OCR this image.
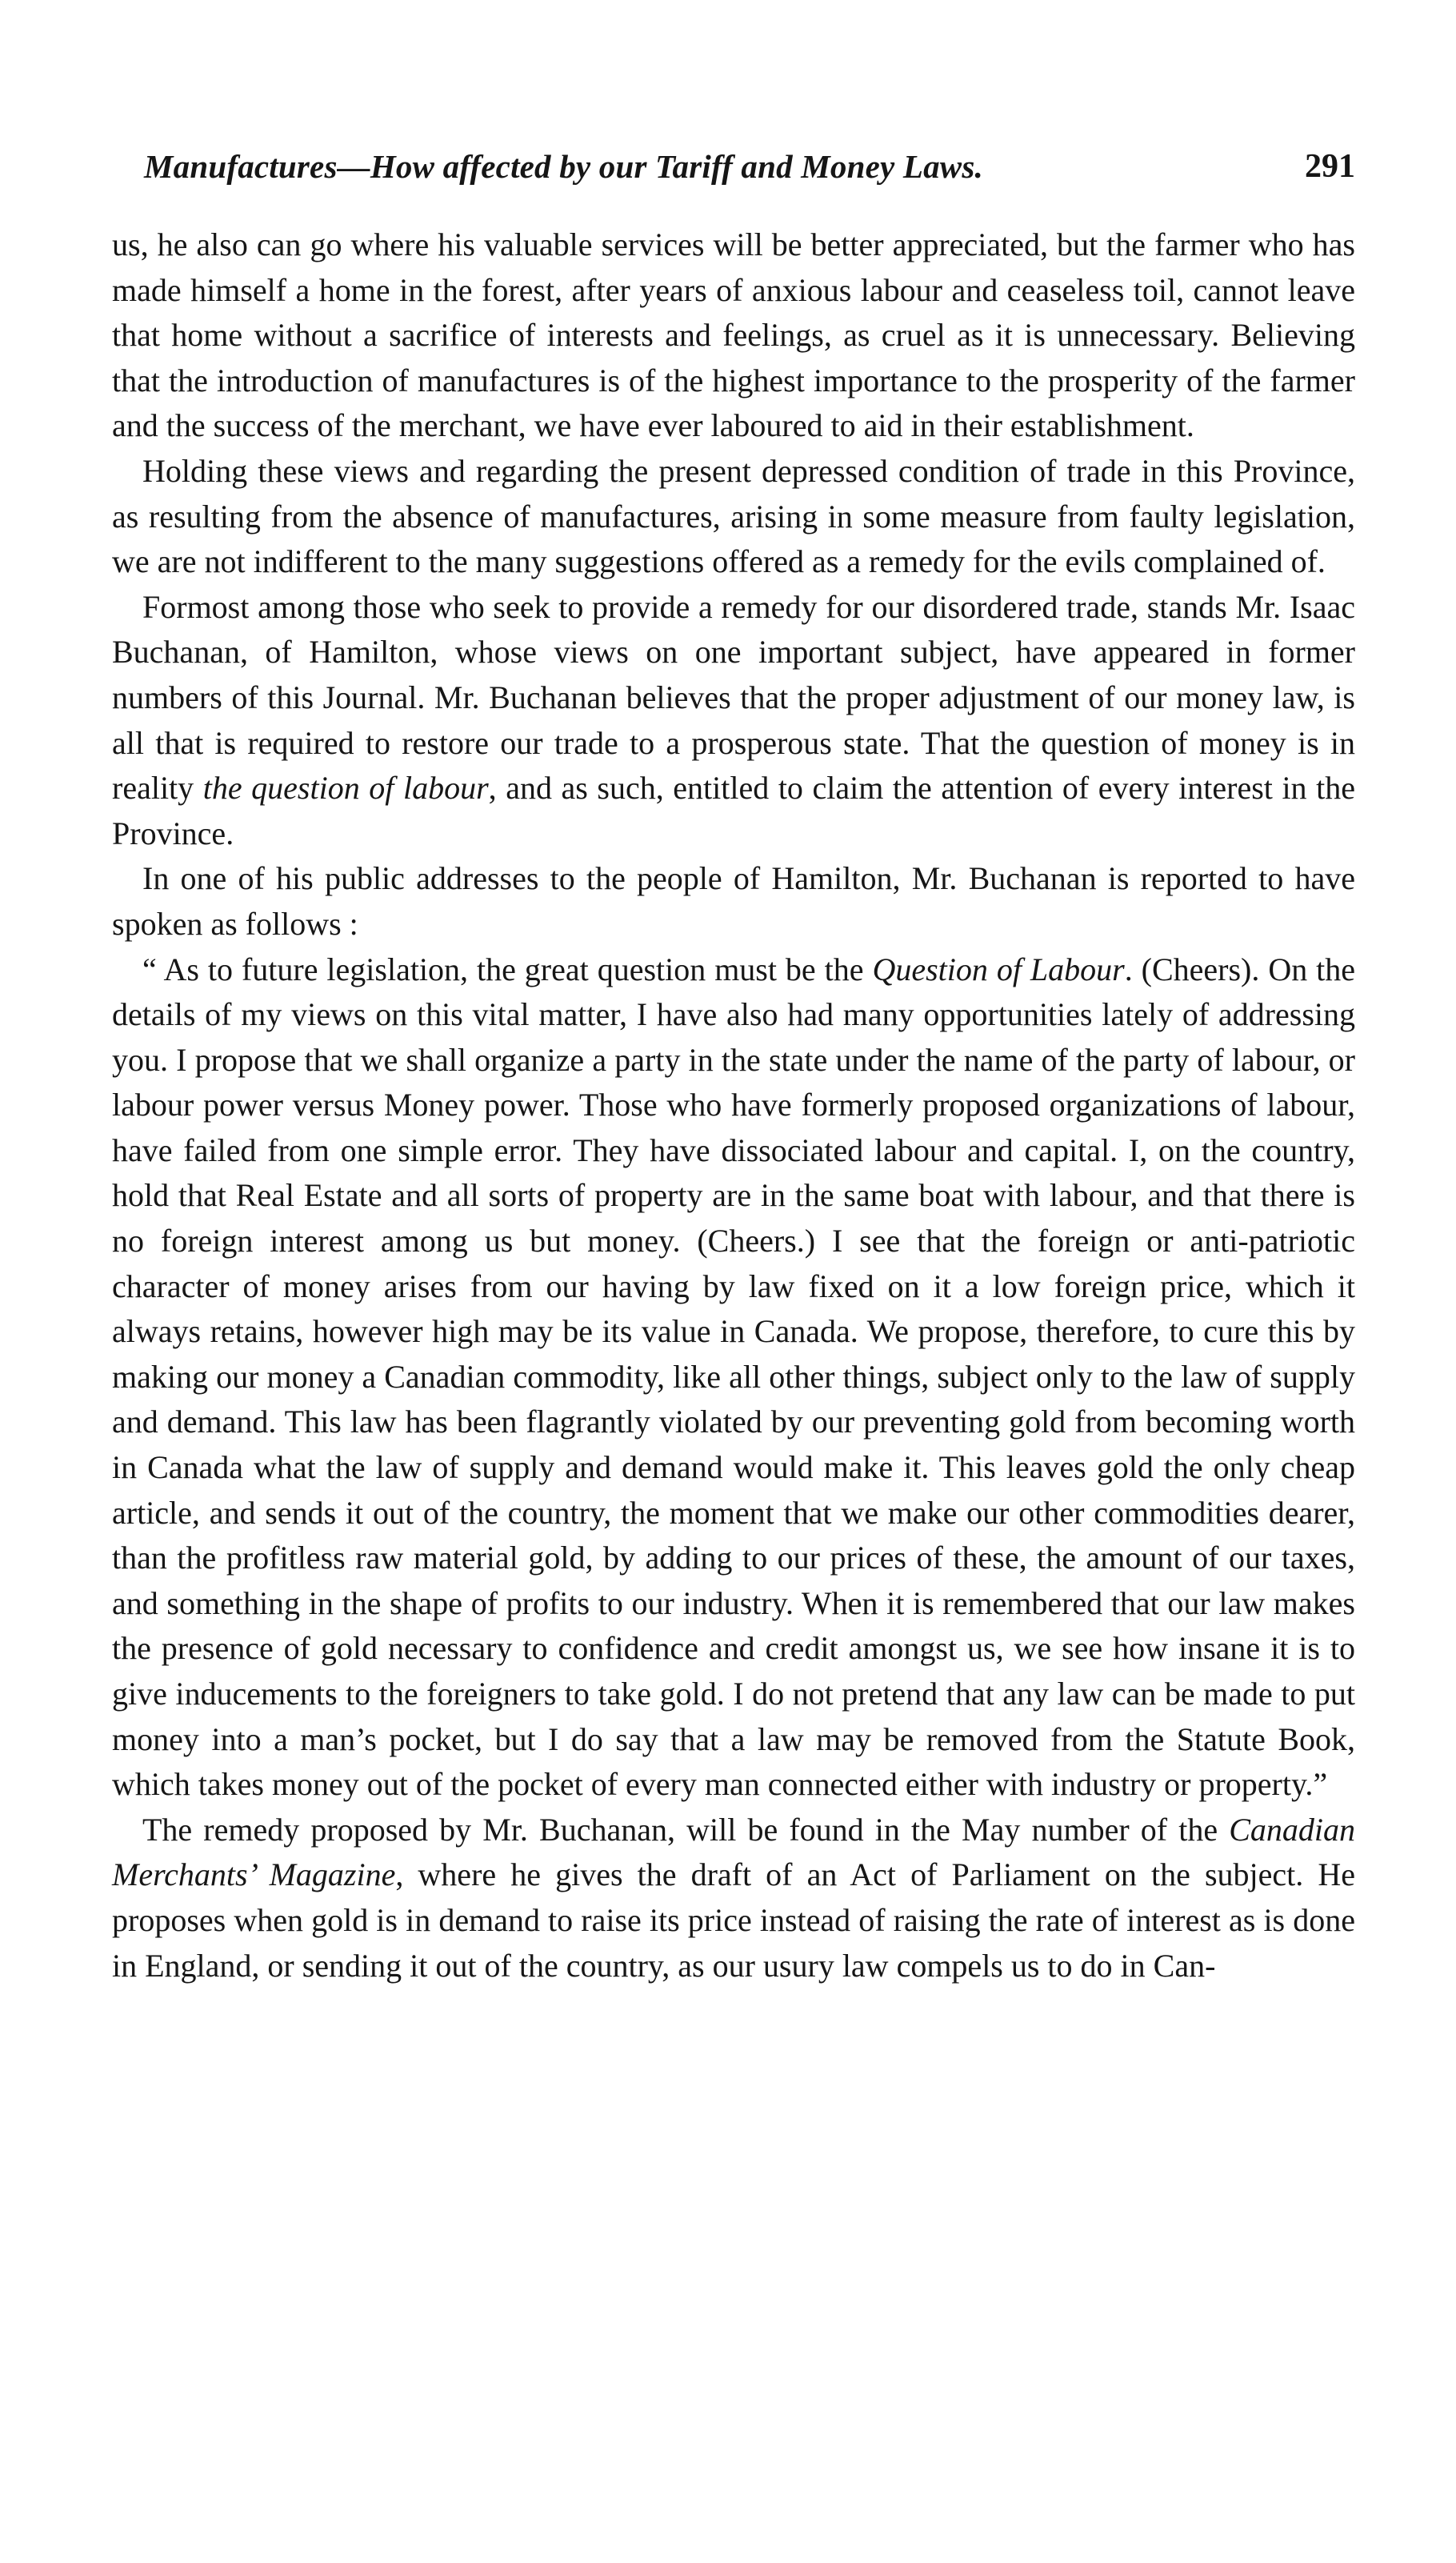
Manufactures—How affected by our Tariff and Money Laws.	291

us, he also can go where his valuable services will be better appreciated, but the farmer who has made himself a home in the forest, after years of anxious labour and ceaseless toil, cannot leave that home without a sacrifice of interests and feelings, as cruel as it is unnecessary. Believing that the introduction of manufactures is of the highest importance to the prosperity of the farmer and the success of the merchant, we have ever laboured to aid in their establishment.

Holding these views and regarding the present depressed condition of trade in this Province, as resulting from the absence of manufactures, arising in some measure from faulty legislation, we are not indifferent to the many suggestions offered as a remedy for the evils complained of.

Formost among those who seek to provide a remedy for our disordered trade, stands Mr. Isaac Buchanan, of Hamilton, whose views on one important subject, have appeared in former numbers of this Journal. Mr. Buchanan believes that the proper adjustment of our money law, is all that is required to restore our trade to a prosperous state. That the question of money is in reality the question of labour, and as such, entitled to claim the attention of every interest in the Province.

In one of his public addresses to the people of Hamilton, Mr. Buchanan is reported to have spoken as follows :

“ As to future legislation, the great question must be the Question of Labour. (Cheers). On the details of my views on this vital matter, I have also had many opportunities lately of addressing you. I propose that we shall organize a party in the state under the name of the party of labour, or labour power versus Money power. Those who have formerly proposed organizations of labour, have failed from one simple error. They have dissociated labour and capital. I, on the country, hold that Real Estate and all sorts of property are in the same boat with labour, and that there is no foreign interest among us but money. (Cheers.) I see that the foreign or anti-patriotic character of money arises from our having by law fixed on it a low foreign price, which it always retains, however high may be its value in Canada. We propose, therefore, to cure this by making our money a Canadian commodity, like all other things, subject only to the law of supply and demand. This law has been flagrantly violated by our preventing gold from becoming worth in Canada what the law of supply and demand would make it. This leaves gold the only cheap article, and sends it out of the country, the moment that we make our other commodities dearer, than the profitless raw material gold, by adding to our prices of these, the amount of our taxes, and something in the shape of profits to our industry. When it is remembered that our law makes the presence of gold necessary to confidence and credit amongst us, we see how insane it is to give inducements to the foreigners to take gold. I do not pretend that any law can be made to put money into a man’s pocket, but I do say that a law may be removed from the Statute Book, which takes money out of the pocket of every man connected either with industry or property.”

The remedy proposed by Mr. Buchanan, will be found in the May number of the Canadian Merchants’ Magazine, where he gives the draft of an Act of Parliament on the subject. He proposes when gold is in demand to raise its price instead of raising the rate of interest as is done in England, or sending it out of the country, as our usury law compels us to do in Can-
